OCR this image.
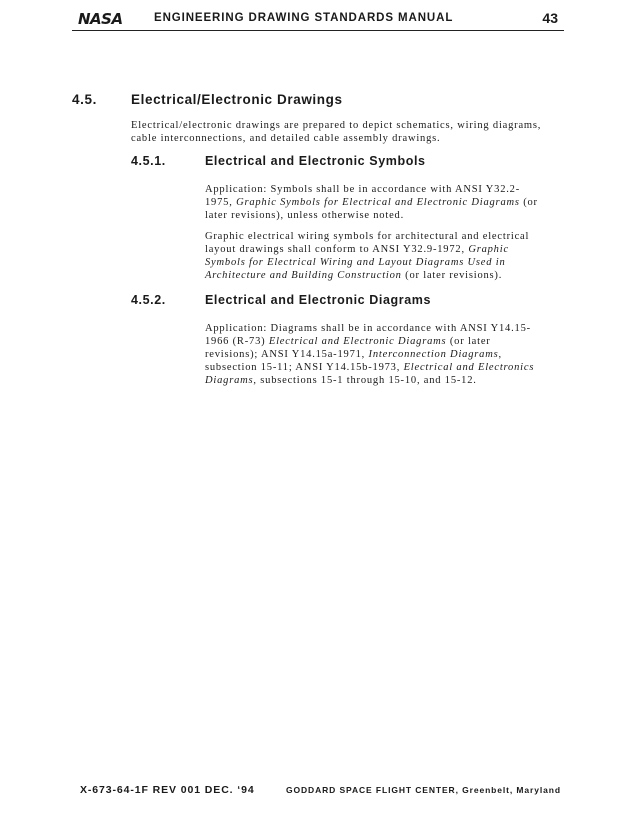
NASA	ENGINEERING DRAWING STANDARDS MANUAL	43
4.5.	Electrical/Electronic Drawings
Electrical/electronic drawings are prepared to depict schematics, wiring diagrams,
cable interconnections, and detailed cable assembly drawings.
4.5.1.	Electrical and Electronic Symbols
Application: Symbols shall be in accordance with ANSI Y32.2-
1975, Graphic Symbols for Electrical and Electronic Diagrams (or
later revisions), unless otherwise noted.
Graphic electrical wiring symbols for architectural and electrical
layout drawings shall conform to ANSI Y32.9-1972, Graphic
Symbols for Electrical Wiring and Layout Diagrams Used in
Architecture and Building Construction (or later revisions).
4.5.2.	Electrical and Electronic Diagrams
Application: Diagrams shall be in accordance with ANSI Y14.15-
1966 (R-73) Electrical and Electronic Diagrams (or later
revisions); ANSI Y14.15a-1971, Interconnection Diagrams,
subsection 15-11; ANSI Y14.15b-1973, Electrical and Electronics
Diagrams, subsections 15-1 through 15-10, and 15-12.
X-673-64-1F REV 001 DEC. ‘94	GODDARD SPACE FLIGHT CENTER, Greenbelt, Maryland
